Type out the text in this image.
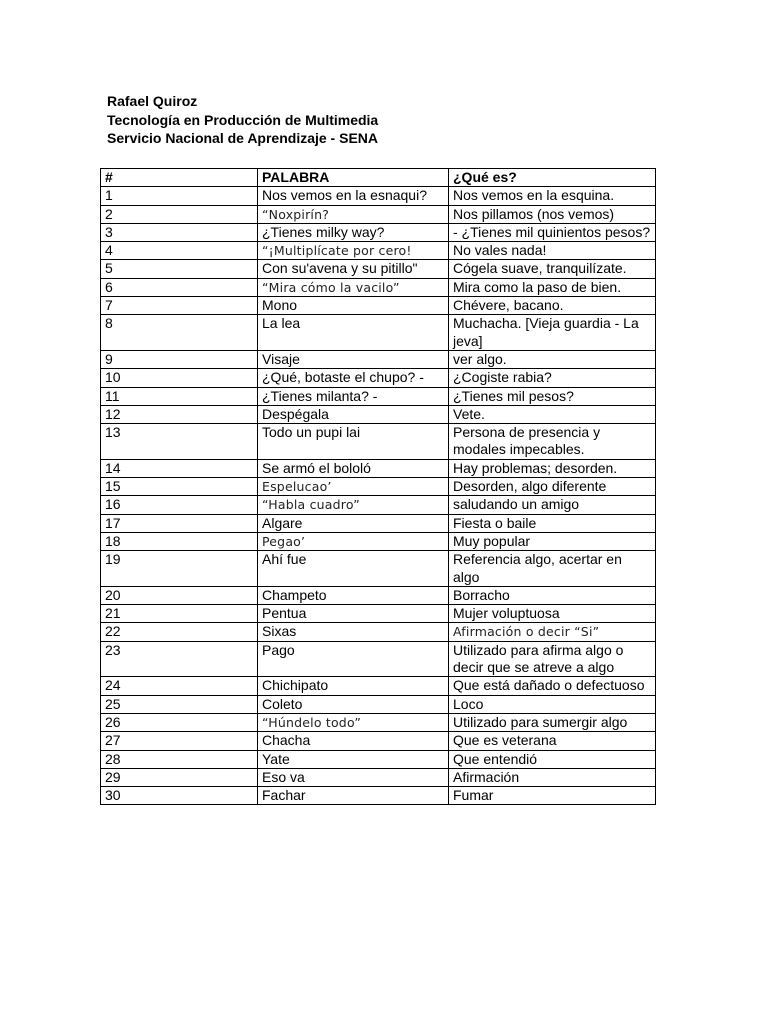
Rafael Quiroz
Tecnología en Producción de Multimedia
Servicio Nacional de Aprendizaje - SENA
#	PALABRA	¿Qué es?
1	Nos vemos en la esnaqui?	Nos vemos en la esquina.
2	“Noxpirín?	Nos pillamos (nos vemos)
3	¿Tienes milky way?	- ¿Tienes mil quinientos pesos?
4	“¡Multiplícate por cero!	No vales nada!
5	Con su'avena y su pitillo"	Cógela suave, tranquilízate.
6	“Mira cómo la vacilo”	Mira como la paso de bien.
7	Mono	Chévere, bacano.
8	La lea	Muchacha. [Vieja guardia - La jeva]
9	Visaje	ver algo.
10	¿Qué, botaste el chupo? -	¿Cogiste rabia?
11	¿Tienes milanta? -	¿Tienes mil pesos?
12	Despégala	Vete.
13	Todo un pupi lai	Persona de presencia y modales impecables.
14	Se armó el bololó	Hay problemas; desorden.
15	Espelucao’	Desorden, algo diferente
16	“Habla cuadro”	saludando un amigo
17	Algare	Fiesta o baile
18	Pegao’	Muy popular
19	Ahí fue	Referencia algo, acertar en algo
20	Champeto	Borracho
21	Pentua	Mujer voluptuosa
22	Sixas	Afirmación o decir “Si”
23	Pago	Utilizado para afirma algo o decir que se atreve a algo
24	Chichipato	Que está dañado o defectuoso
25	Coleto	Loco
26	“Húndelo todo”	Utilizado para sumergir algo
27	Chacha	Que es veterana
28	Yate	Que entendió
29	Eso va	Afirmación
30	Fachar	Fumar
